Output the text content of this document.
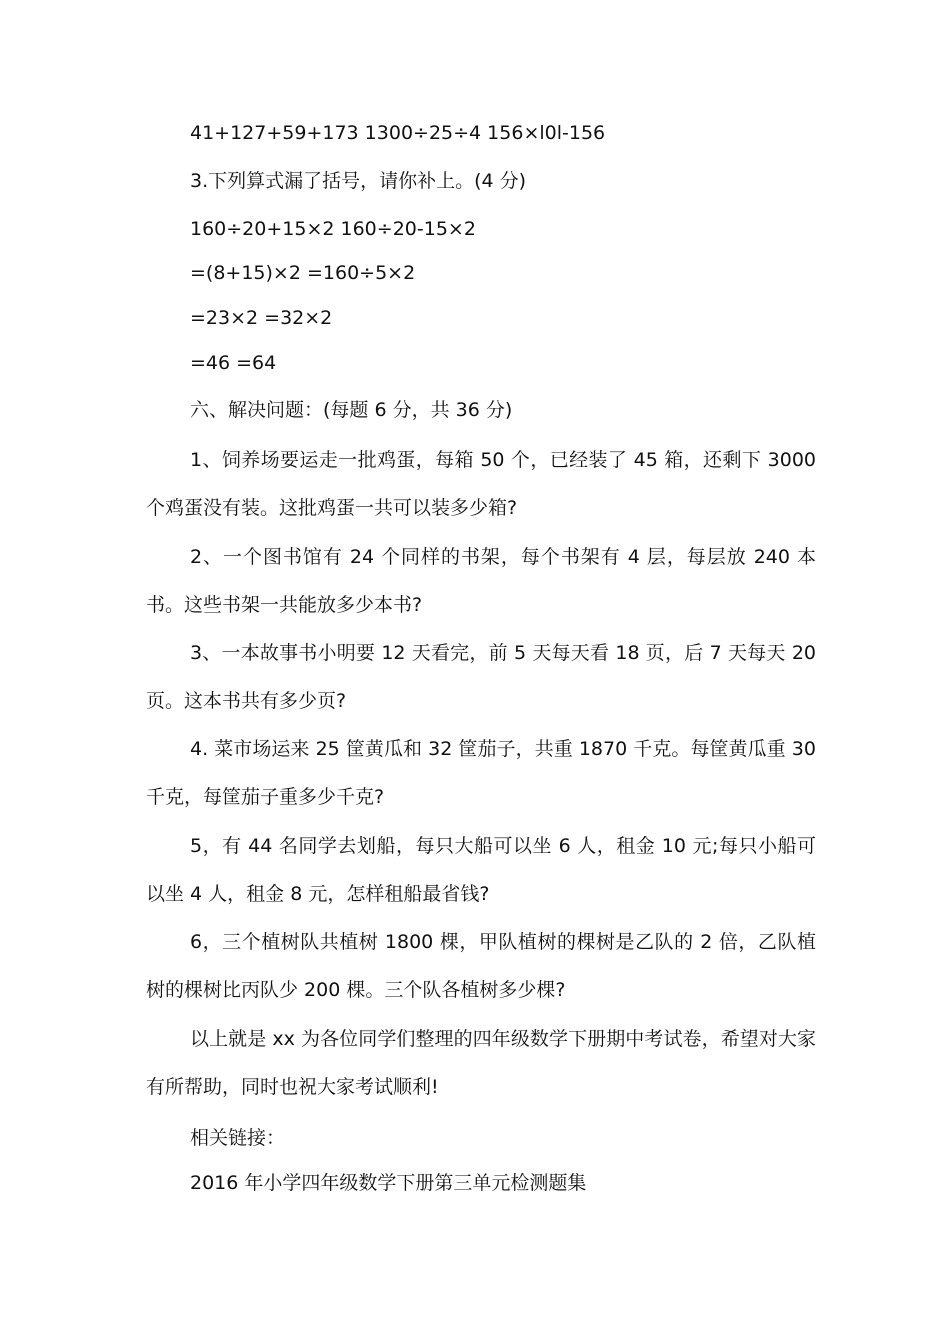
41+127+59+173 1300÷25÷4 156×l0l-156
3.下列算式漏了括号，请你补上。(4 分)
160÷20+15×2 160÷20-15×2
=(8+15)×2 =160÷5×2
=23×2 =32×2
=46 =64
六、解决问题：(每题 6 分，共 36 分)
1、饲养场要运走一批鸡蛋，每箱 50 个，已经装了 45 箱，还剩下 3000 个鸡蛋没有装。这批鸡蛋一共可以装多少箱?
2、一个图书馆有 24 个同样的书架，每个书架有 4 层，每层放 240 本书。这些书架一共能放多少本书?
3、一本故事书小明要 12 天看完，前 5 天每天看 18 页，后 7 天每天 20 页。这本书共有多少页?
4. 菜市场运来 25 筐黄瓜和 32 筐茄子，共重 1870 千克。每筐黄瓜重 30 千克，每筐茄子重多少千克?
5，有 44 名同学去划船，每只大船可以坐 6 人，租金 10 元;每只小船可以坐 4 人，租金 8 元，怎样租船最省钱?
6，三个植树队共植树 1800 棵，甲队植树的棵树是乙队的 2 倍，乙队植树的棵树比丙队少 200 棵。三个队各植树多少棵?
以上就是 xx 为各位同学们整理的四年级数学下册期中考试卷，希望对大家有所帮助，同时也祝大家考试顺利!
相关链接：
2016 年小学四年级数学下册第三单元检测题集
